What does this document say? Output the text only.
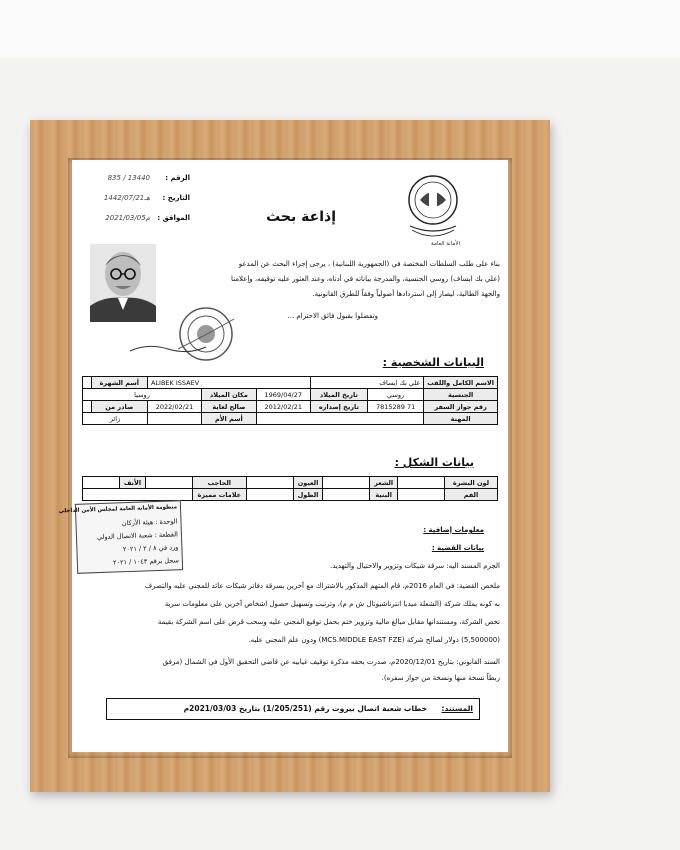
الرقم :
835 / 13440
التاريخ :
1442/07/21هـ
المواقق :
2021/03/05م	إذاعة بحث
الأمانة العامة
بناء على طلب السلطات المختصة في (الجمهورية اللبنانية) ، يرجى إجراء البحث عن المدعو
(علي بك ايساف) روسي الجنسية، والمدرجة بياناته في أدناه، وعند العثور عليه توقيفه، وإعلامنا
والجهة الطالبة، ليصار إلى استردادها أصولياً وفقاً للطرق القانونية.
وتفضلوا بقبول فائق الاحترام ...
البيانات الشخصية :
الاسم الكامل واللقب	علي بك ايساف		ALIBEK ISSAEV			أسم الشهرة	
الجنسية	روسي	تاريخ الميلاد	1969/04/27	مكان الميلاد	روسيا		
رقم جواز السفر	71 7815289	تاريخ إصداره	2012/02/21	صالح لغاية	2022/02/21	صادر من	
المهنة				أسم الأم		زائر	
بيانات الشكل :
لون البشرة		الشعر		العيون		الحاجب		الأنف	
الفم		البنية		الطول		علامات مميزة			
منظومة الأمانة العامة لمجلس الأمن الداخلي
الوحدة : هيئة الأركان
القطعة : شعبة الاتصال الدولي
ورد في ٨ / ٢ / ٢٠٢١
سجل برقم ١٠٤٣ / ٢٠٢١
معلومات إضافية :
بيانات القضية :
الجرم المسند اليه: سرقة شيكات وتزوير والاحتيال والتهديد.
ملخص القضية: في العام 2016م، قام المتهم المذكور بالاشتراك مع آخرين بسرقة دفاتر شيكات عائد للمجني عليه والتصرف
به كونه يملك شركة (الشعلة ميديا انترناشيونال ش م م)، وترتيب وتسهيل حصول اشخاص آخرين على معلومات سرية
تخص الشركة، ومستندانها مقابل مبالغ مالية وتزوير ختم بحمل توقيع المجني عليه وسحب قرض على اسم الشركة بقيمة
(5,500000) دولار لصالح شركة (MCS.MIDDLE EAST FZE) ودون علم المجني عليه.
السند القانوني: بتاريخ 2020/12/01م، صدرت بحقه مذكرة توقيف غيابيه عن قاضي التحقيق الأول في الشمال (مرفق
ربطاً نسخة منها ونسخة من جواز سفره).
المستند:
خطاب شعبة اتصال بيروت رقم (1/205/251) بتاريخ 2021/03/03م
